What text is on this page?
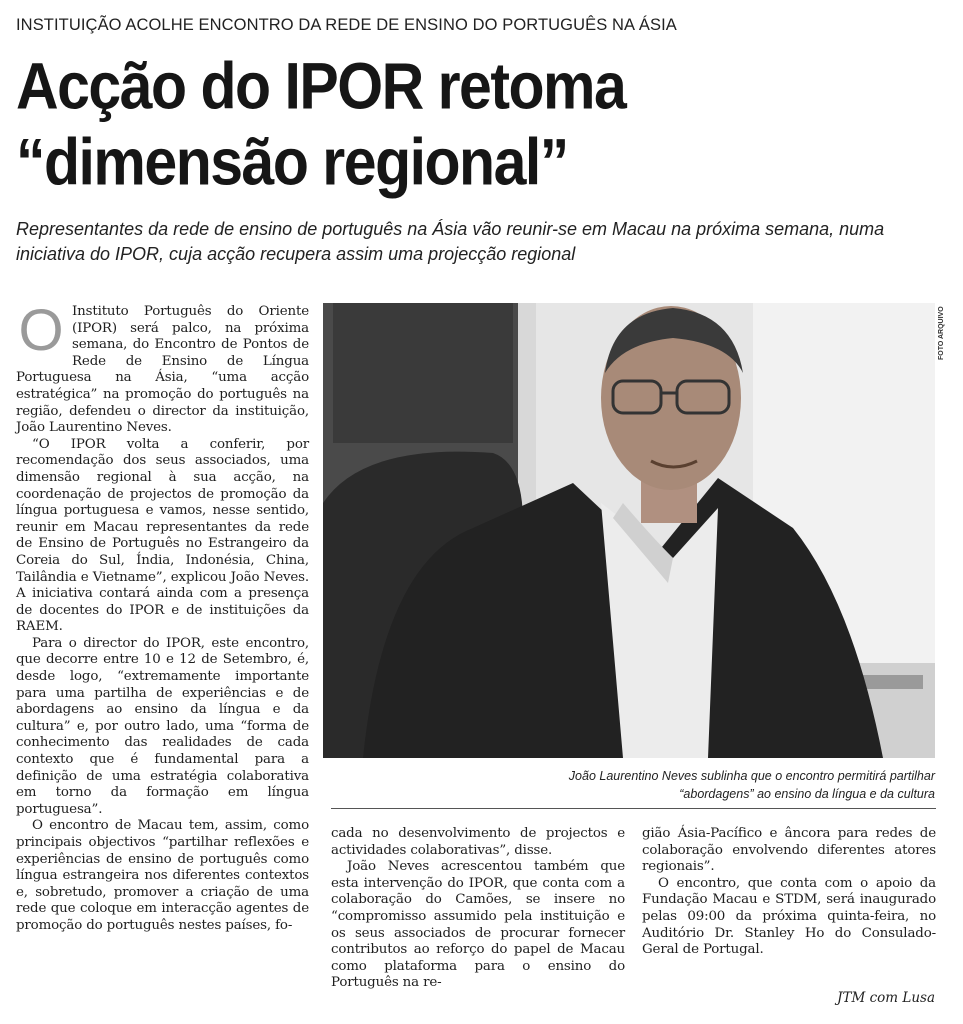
INSTITUIÇÃO ACOLHE ENCONTRO DA REDE DE ENSINO DO PORTUGUÊS NA ÁSIA
Acção do IPOR retoma
“dimensão regional”
Representantes da rede de ensino de português na Ásia vão reunir-se em Macau na próxima semana, numa iniciativa do IPOR, cuja acção recupera assim uma projecção regional

O Instituto Português do Oriente (IPOR) será palco, na próxima semana, do Encontro de Pontos de Rede de Ensino de Língua Portuguesa na Ásia, “uma acção estratégica” na promoção do português na região, defendeu o director da instituição, João Laurentino Neves.

“O IPOR volta a conferir, por recomendação dos seus associados, uma dimensão regional à sua acção, na coordenação de projectos de promoção da língua portuguesa e vamos, nesse sentido, reunir em Macau representantes da rede de Ensino de Português no Estrangeiro da Coreia do Sul, Índia, Indonésia, China, Tailândia e Vietname”, explicou João Neves. A iniciativa contará ainda com a presença de docentes do IPOR e de instituições da RAEM.

Para o director do IPOR, este encontro, que decorre entre 10 e 12 de Setembro, é, desde logo, “extremamente importante para uma partilha de experiências e de abordagens ao ensino da língua e da cultura” e, por outro lado, uma “forma de conhecimento das realidades de cada contexto que é fundamental para a definição de uma estratégia colaborativa em torno da formação em língua portuguesa”.

O encontro de Macau tem, assim, como principais objectivos “partilhar reflexões e experiências de ensino de português como língua estrangeira nos diferentes contextos e, sobretudo, promover a criação de uma rede que coloque em interacção agentes de promoção do português nestes países, fo-

FOTO ARQUIVO
João Laurentino Neves sublinha que o encontro permitirá partilhar “abordagens” ao ensino da língua e da cultura

cada no desenvolvimento de projectos e actividades colaborativas”, disse.

João Neves acrescentou também que esta intervenção do IPOR, que conta com a colaboração do Camões, se insere no “compromisso assumido pela instituição e os seus associados de procurar fornecer contributos ao reforço do papel de Macau como plataforma para o ensino do Português na re-

gião Ásia-Pacífico e âncora para redes de colaboração envolvendo diferentes atores regionais”.

O encontro, que conta com o apoio da Fundação Macau e STDM, será inaugurado pelas 09:00 da próxima quinta-feira, no Auditório Dr. Stanley Ho do Consulado-Geral de Portugal.

JTM com Lusa
